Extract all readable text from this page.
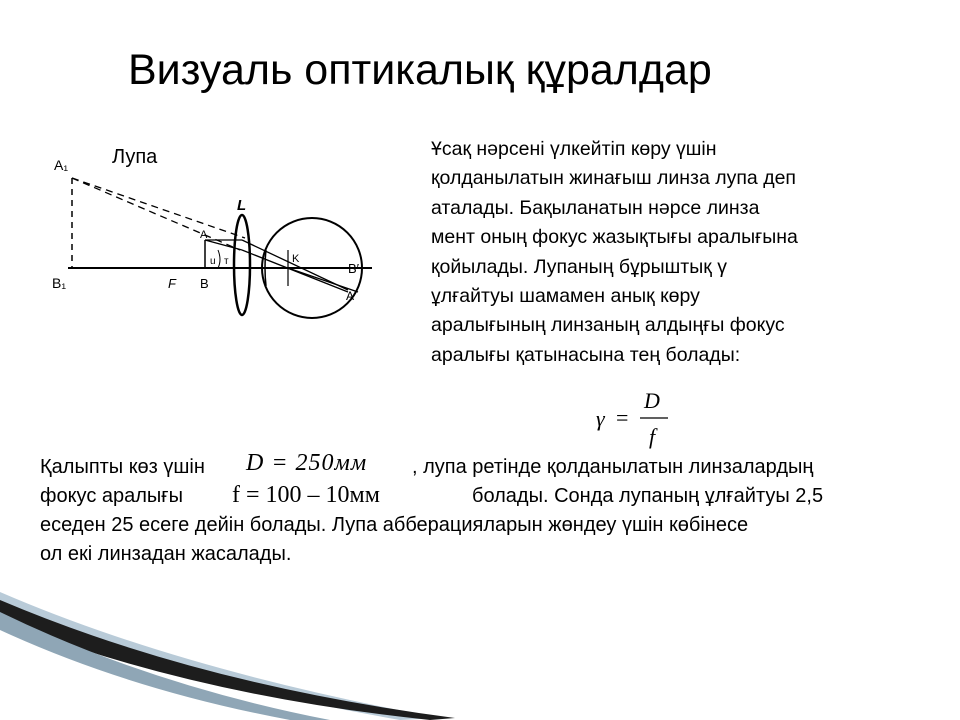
Визуаль оптикалық құралдар
Лупа
A₁
B₁	F B
A
u т
L
K
B′
A′
Ұсақ нәрсені үлкейтіп көру үшін
қолданылатын жинағыш линза лупа деп
аталады. Бақыланатын нәрсе линза
мент оның фокус жазықтығы аралығына
қойылады. Лупаның бұрыштық γ
ұлғайтуы шамамен анық көру
аралығының линзаның алдыңғы фокус
аралығы қатынасына тең болады:
γ =
D
f
Қалыпты көз үшін D = 250мм , лупа ретінде қолданылатын линзалардың
фокус аралығы f = 100 – 10мм	болады. Сонда лупаның ұлғайтуы 2,5
еседен 25 есеге дейін болады. Лупа абберацияларын жөндеу үшін көбінесе
ол екі линзадан жасалады.
